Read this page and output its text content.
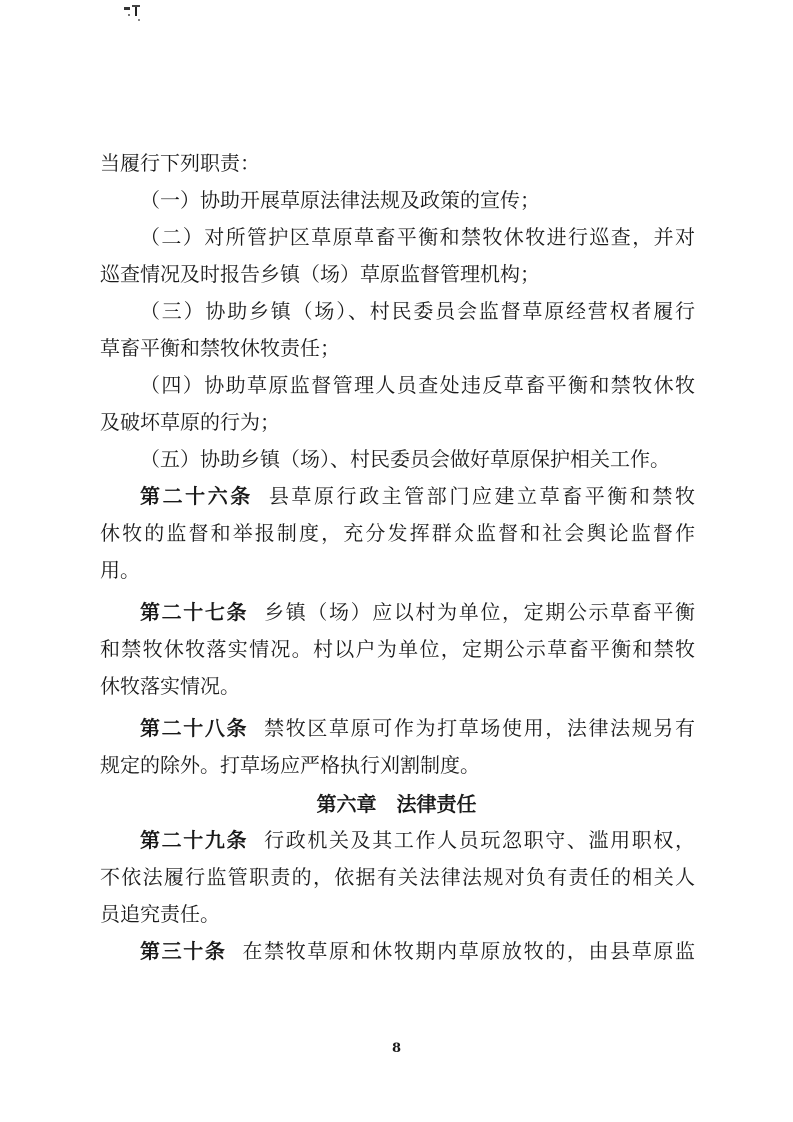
当履行下列职责：
（一）协助开展草原法律法规及政策的宣传；
（二）对所管护区草原草畜平衡和禁牧休牧进行巡查，并对
巡查情况及时报告乡镇（场）草原监督管理机构；
（三）协助乡镇（场）、村民委员会监督草原经营权者履行
草畜平衡和禁牧休牧责任；
（四）协助草原监督管理人员查处违反草畜平衡和禁牧休牧
及破坏草原的行为；
（五）协助乡镇（场）、村民委员会做好草原保护相关工作。
第二十六条 县草原行政主管部门应建立草畜平衡和禁牧
休牧的监督和举报制度，充分发挥群众监督和社会舆论监督作
用。
第二十七条 乡镇（场）应以村为单位，定期公示草畜平衡
和禁牧休牧落实情况。村以户为单位，定期公示草畜平衡和禁牧
休牧落实情况。
第二十八条 禁牧区草原可作为打草场使用，法律法规另有
规定的除外。打草场应严格执行刈割制度。
第六章 法律责任
第二十九条 行政机关及其工作人员玩忽职守、滥用职权，
不依法履行监管职责的，依据有关法律法规对负有责任的相关人
员追究责任。
第三十条 在禁牧草原和休牧期内草原放牧的，由县草原监
8
